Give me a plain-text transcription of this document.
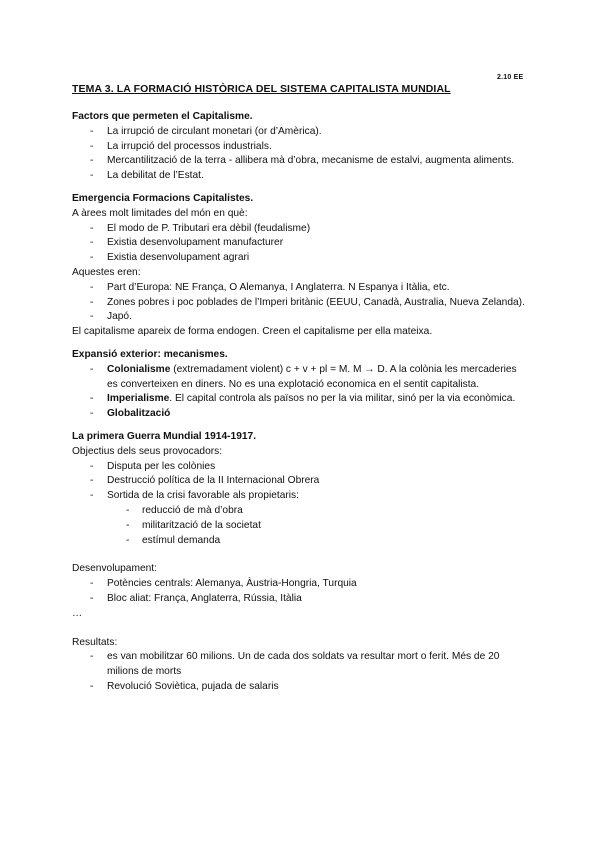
2.10 EE
TEMA 3. LA FORMACIÓ HISTÒRICA DEL SISTEMA CAPITALISTA MUNDIAL
Factors que permeten el Capitalisme.
- La irrupció de circulant monetari (or d’Amèrica).
- La irrupció del processos industrials.
- Mercantilització de la terra - allibera mà d’obra, mecanisme de estalvi, augmenta aliments.
- La debilitat de l’Estat.
Emergencia Formacions Capitalistes.

A àrees molt limitades del món en què:

- El modo de P. Tributari era dèbil (feudalisme)
- Existia desenvolupament manufacturer
- Existia desenvolupament agrari

Aquestes eren:

- Part d’Europa: NE França, O Alemanya, I Anglaterra. N Espanya i Itàlia, etc.
- Zones pobres i poc poblades de l’Imperi britànic (EEUU, Canadà, Australia, Nueva Zelanda).
- Japó.

El capitalisme apareix de forma endogen. Creen el capitalisme per ella mateixa.

Expansió exterior: mecanismes.
- Colonialisme (extremadament violent) c + v + pl = M. M → D. A la colònia les mercaderies es converteixen en diners. No es una explotació economica en el sentit capitalista.
- Imperialisme. El capital controla als països no per la via militar, sinó per la via econòmica.
- Globalització
La primera Guerra Mundial 1914-1917.

Objectius dels seus provocadors:

- Disputa per les colònies
- Destrucció política de la II Internacional Obrera
- Sortida de la crisi favorable als propietaris:
- reducció de mà d’obra
- militarització de la societat
- estímul demanda

Desenvolupament:

- Potències centrals: Alemanya, Àustria-Hongria, Turquia
- Bloc aliat: França, Anglaterra, Rússia, Itàlia

…

Resultats:

- es van mobilitzar 60 milions. Un de cada dos soldats va resultar mort o ferit. Més de 20 milions de morts
- Revolució Soviètica, pujada de salaris
